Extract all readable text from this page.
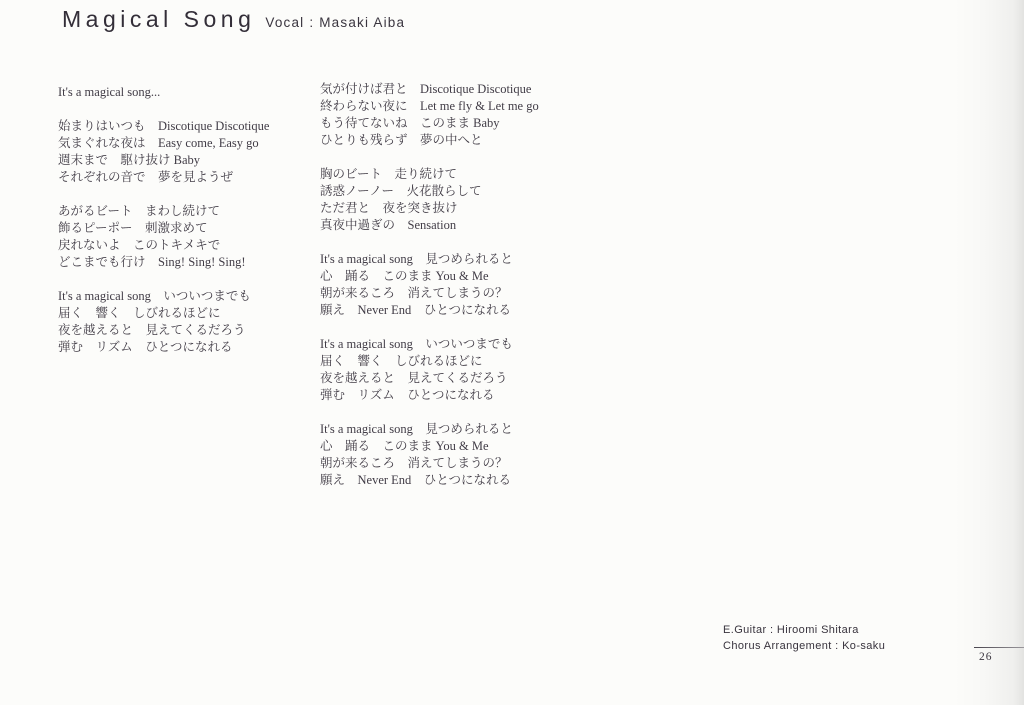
Magical Song Vocal : Masaki Aiba
It's a magical song...
始まりはいつも　Discotique Discotique
気まぐれな夜は　Easy come, Easy go
週末まで　駆け抜け Baby
それぞれの音で　夢を見ようぜ
あがるビート　まわし続けて
飾るピーポー　刺激求めて
戻れないよ　このトキメキで
どこまでも行け　Sing! Sing! Sing!
It's a magical song　いついつまでも
届く　響く　しびれるほどに
夜を越えると　見えてくるだろう
弾む　リズム　ひとつになれる
気が付けば君と　Discotique Discotique
終わらない夜に　Let me fly & Let me go
もう待てないね　このまま Baby
ひとりも残らず　夢の中へと
胸のビート　走り続けて
誘惑ノーノー　火花散らして
ただ君と　夜を突き抜け
真夜中過ぎの　Sensation
It's a magical song　見つめられると
心　踊る　このまま You & Me
朝が来るころ　消えてしまうの？
願え　Never End　ひとつになれる
It's a magical song　いついつまでも
届く　響く　しびれるほどに
夜を越えると　見えてくるだろう
弾む　リズム　ひとつになれる
It's a magical song　見つめられると
心　踊る　このまま You & Me
朝が来るころ　消えてしまうの？
願え　Never End　ひとつになれる
E.Guitar : Hiroomi Shitara
Chorus Arrangement : Ko-saku
26
